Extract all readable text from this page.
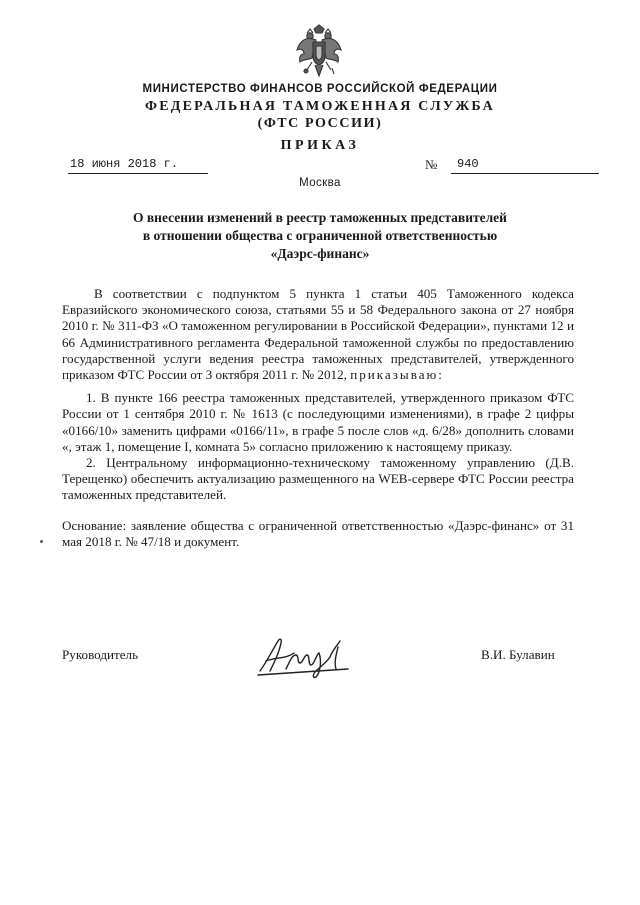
МИНИСТЕРСТВО ФИНАНСОВ РОССИЙСКОЙ ФЕДЕРАЦИИ
ФЕДЕРАЛЬНАЯ ТАМОЖЕННАЯ СЛУЖБА
(ФТС РОССИИ)
ПРИКАЗ
18 июня 2018 г.	№	940
Москва
О внесении изменений в реестр таможенных представителей
в отношении общества с ограниченной ответственностью
«Даэрс-финанс»

В соответствии с подпунктом 5 пункта 1 статьи 405 Таможенного кодекса Евразийского экономического союза, статьями 55 и 58 Федерального закона от 27 ноября 2010 г. № 311-ФЗ «О таможенном регулировании в Российской Федерации», пунктами 12 и 66 Административного регламента Федеральной таможенной службы по предоставлению государственной услуги ведения реестра таможенных представителей, утвержденного приказом ФТС России от 3 октября 2011 г. № 2012, приказываю:

1. В пункте 166 реестра таможенных представителей, утвержденного приказом ФТС России от 1 сентября 2010 г. № 1613 (с последующими изменениями), в графе 2 цифры «0166/10» заменить цифрами «0166/11», в графе 5 после слов «д. 6/28» дополнить словами «, этаж 1, помещение I, комната 5» согласно приложению к настоящему приказу.

2. Центральному информационно-техническому таможенному управлению (Д.В. Терещенко) обеспечить актуализацию размещенного на WEB-сервере ФТС России реестра таможенных представителей.

Основание: заявление общества с ограниченной ответственностью «Даэрс-финанс» от 31 мая 2018 г. № 47/18 и документ.

Руководитель	В.И. Булавин
